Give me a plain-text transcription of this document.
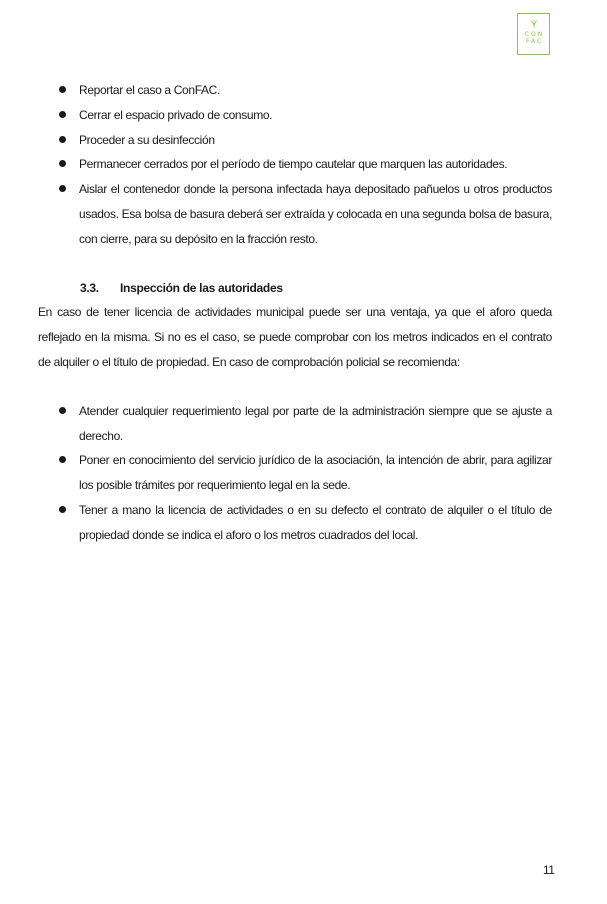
CON
FAC
Reportar el caso a ConFAC.
Cerrar el espacio privado de consumo.
Proceder a su desinfección
Permanecer cerrados por el período de tiempo cautelar que marquen las autoridades.
Aislar el contenedor donde la persona infectada haya depositado pañuelos u otros productos usados. Esa bolsa de basura deberá ser extraída y colocada en una segunda bolsa de basura, con cierre, para su depósito en la fracción resto.
3.3.	Inspección de las autoridades

En caso de tener licencia de actividades municipal puede ser una ventaja, ya que el aforo queda reflejado en la misma. Si no es el caso, se puede comprobar con los metros indicados en el contrato de alquiler o el título de propiedad. En caso de comprobación policial se recomienda:

Atender cualquier requerimiento legal por parte de la administración siempre que se ajuste a derecho.
Poner en conocimiento del servicio jurídico de la asociación, la intención de abrir, para agilizar los posible trámites por requerimiento legal en la sede.
Tener a mano la licencia de actividades o en su defecto el contrato de alquiler o el título de propiedad donde se indica el aforo o los metros cuadrados del local.
11
